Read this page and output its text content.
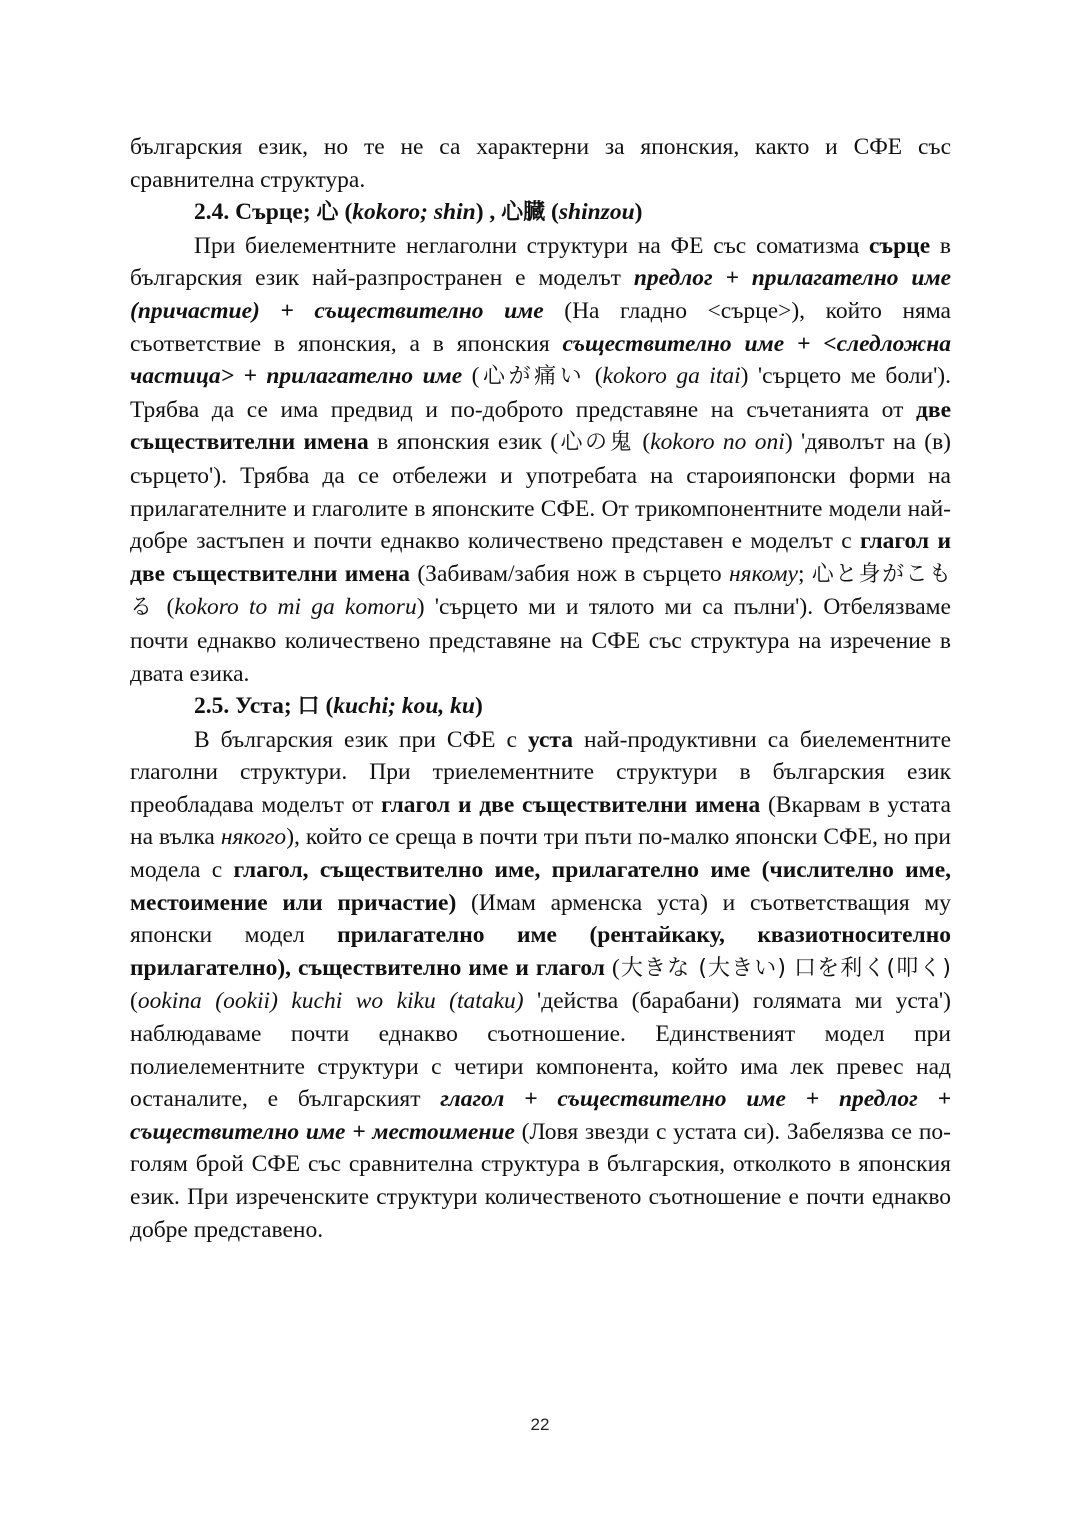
българския език, но те не са характерни за японския, както и СФЕ със сравнителна структура.

2.4. Сърце; 心 (kokoro; shin) , 心臓 (shinzou)

При биелементните неглаголни структури на ФЕ със соматизма сърце в българския език най-разпространен е моделът предлог + прилагателно име (причастие) + съществително име (На гладно <сърце>), който няма съответствие в японския, а в японския съществително име + <следложна частица> + прилагателно име (心が痛い (kokoro ga itai) 'сърцето ме боли'). Трябва да се има предвид и по-доброто представяне на съчетанията от две съществителни имена в японския език (心の鬼 (kokoro no oni) 'дяволът на (в) сърцето'). Трябва да се отбележи и употребата на староияпонски форми на прилагателните и глаголите в японските СФЕ. От трикомпонентните модели най-добре застъпен и почти еднакво количествено представен е моделът с глагол и две съществителни имена (Забивам/забия нож в сърцето някому; 心と身がこもる (kokoro to mi ga komoru) 'сърцето ми и тялото ми са пълни'). Отбелязваме почти еднакво количествено представяне на СФЕ със структура на изречение в двата езика.

2.5. Уста; 口 (kuchi; kou, ku)

В българския език при СФЕ с уста най-продуктивни са биелементните глаголни структури. При триелементните структури в българския език преобладава моделът от глагол и две съществителни имена (Вкарвам в устата на вълка някого), който се среща в почти три пъти по-малко японски СФЕ, но при модела с глагол, съществително име, прилагателно име (числително име, местоимение или причастие) (Имам арменска уста) и съответстващия му японски модел прилагателно име (рентайкаку, квазиотносително прилагателно), съществително име и глагол (大きな (大きい) 口を利く(叩く) (ookina (ookii) kuchi wo kiku (tataku) 'действа (барабани) голямата ми уста') наблюдаваме почти еднакво съотношение. Единственият модел при полиелементните структури с четири компонента, който има лек превес над останалите, е българският глагол + съществително име + предлог + съществително име + местоимение (Ловя звезди с устата си). Забелязва се по-голям брой СФЕ със сравнителна структура в българския, отколкото в японския език. При изреченските структури количественото съотношение е почти еднакво добре представено.

22
